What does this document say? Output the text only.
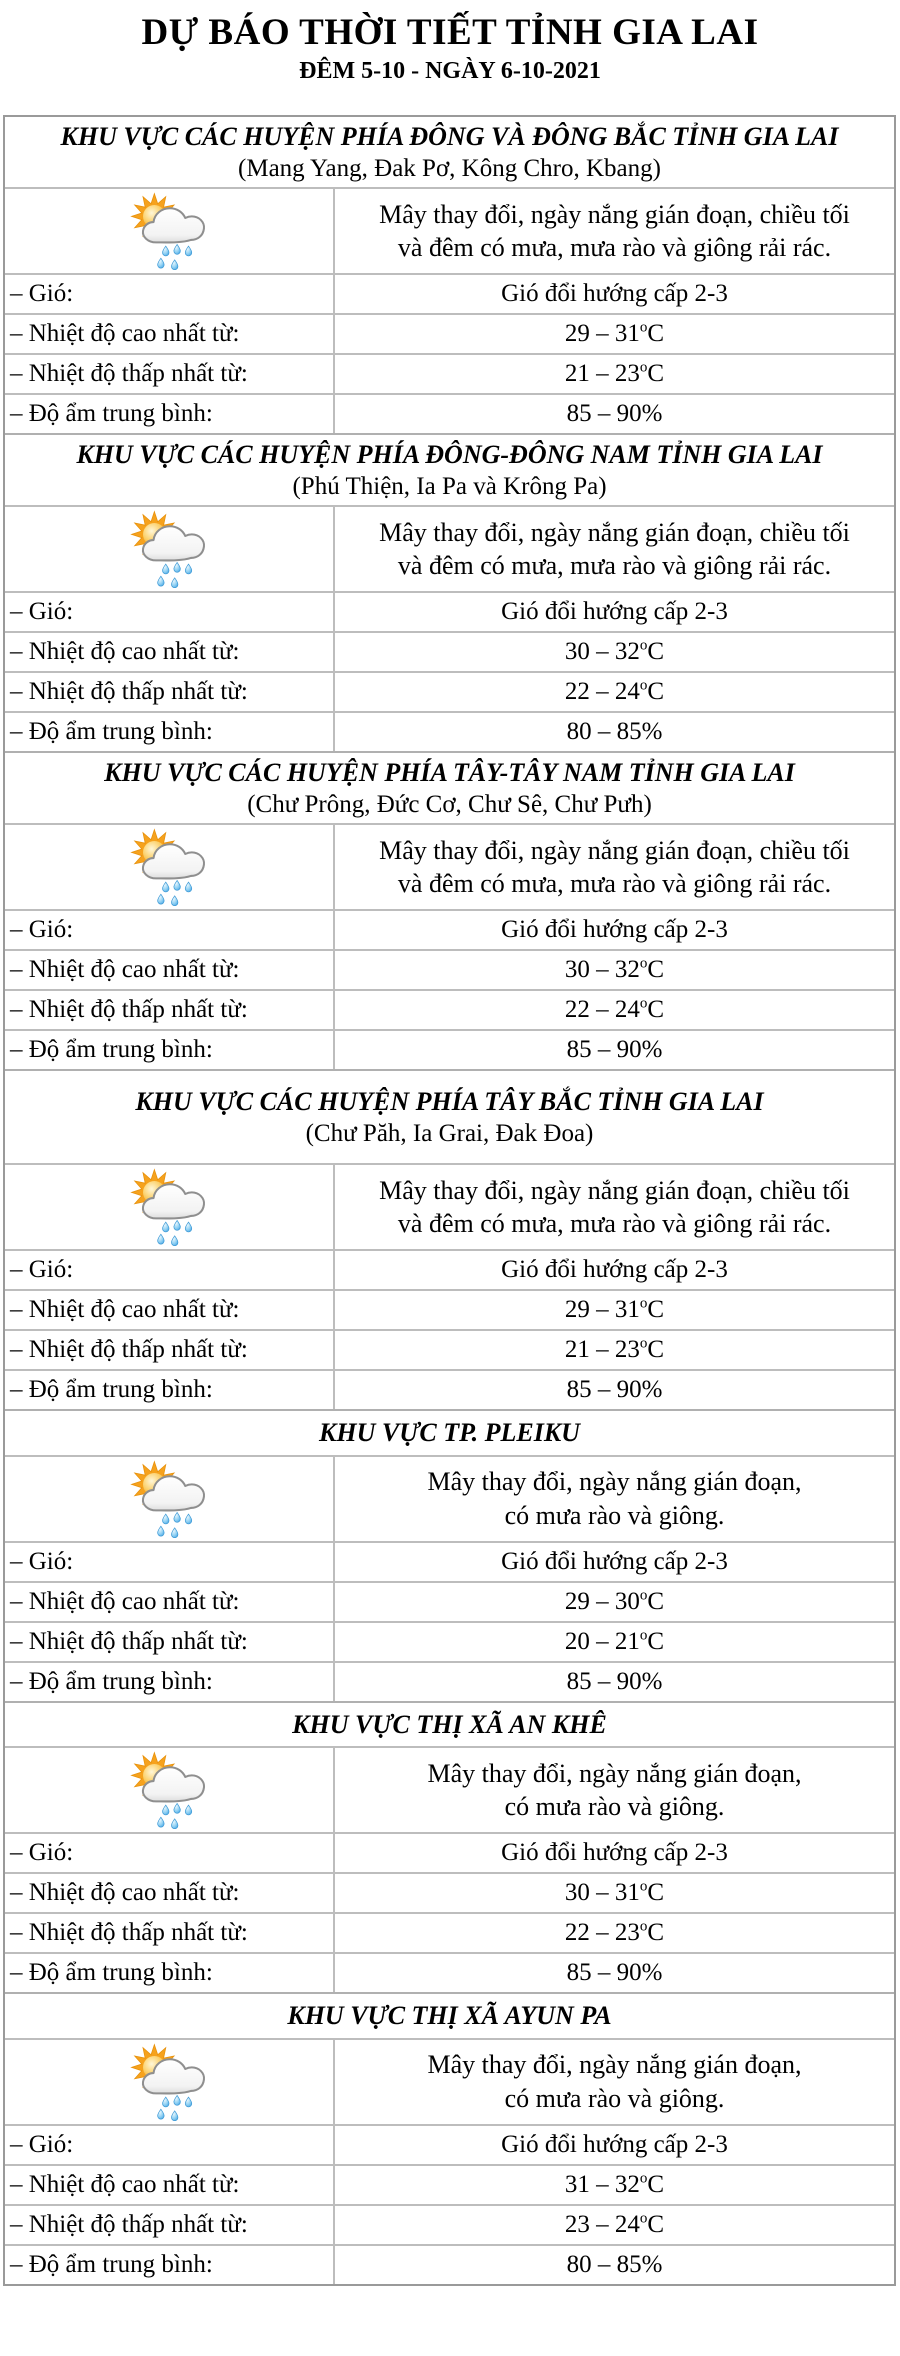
DỰ BÁO THỜI TIẾT TỈNH GIA LAI
ĐÊM 5-10 - NGÀY 6-10-2021
KHU VỰC CÁC HUYỆN PHÍA ĐÔNG VÀ ĐÔNG BẮC TỈNH GIA LAI
(Mang Yang, Đak Pơ, Kông Chro, Kbang)
Mây thay đổi, ngày nắng gián đoạn, chiều tối
và đêm có mưa, mưa rào và giông rải rác.
– Gió:	Gió đổi hướng cấp 2-3
– Nhiệt độ cao nhất từ:	29 – 31$^o$C
– Nhiệt độ thấp nhất từ:	21 – 23$^o$C
– Độ ẩm trung bình:	85 – 90%
KHU VỰC CÁC HUYỆN PHÍA ĐÔNG-ĐÔNG NAM TỈNH GIA LAI
(Phú Thiện, Ia Pa và Krông Pa)
Mây thay đổi, ngày nắng gián đoạn, chiều tối
và đêm có mưa, mưa rào và giông rải rác.
– Gió:	Gió đổi hướng cấp 2-3
– Nhiệt độ cao nhất từ:	30 – 32$^o$C
– Nhiệt độ thấp nhất từ:	22 – 24$^o$C
– Độ ẩm trung bình:	80 – 85%
KHU VỰC CÁC HUYỆN PHÍA TÂY-TÂY NAM TỈNH GIA LAI
(Chư Prông, Đức Cơ, Chư Sê, Chư Pưh)
Mây thay đổi, ngày nắng gián đoạn, chiều tối
và đêm có mưa, mưa rào và giông rải rác.
– Gió:	Gió đổi hướng cấp 2-3
– Nhiệt độ cao nhất từ:	30 – 32$^o$C
– Nhiệt độ thấp nhất từ:	22 – 24$^o$C
– Độ ẩm trung bình:	85 – 90%
KHU VỰC CÁC HUYỆN PHÍA TÂY BẮC TỈNH GIA LAI
(Chư Păh, Ia Grai, Đak Đoa)
Mây thay đổi, ngày nắng gián đoạn, chiều tối
và đêm có mưa, mưa rào và giông rải rác.
– Gió:	Gió đổi hướng cấp 2-3
– Nhiệt độ cao nhất từ:	29 – 31$^o$C
– Nhiệt độ thấp nhất từ:	21 – 23$^o$C
– Độ ẩm trung bình:	85 – 90%
KHU VỰC TP. PLEIKU
Mây thay đổi, ngày nắng gián đoạn,
có mưa rào và giông.
– Gió:	Gió đổi hướng cấp 2-3
– Nhiệt độ cao nhất từ:	29 – 30$^o$C
– Nhiệt độ thấp nhất từ:	20 – 21$^o$C
– Độ ẩm trung bình:	85 – 90%
KHU VỰC THỊ XÃ AN KHÊ
Mây thay đổi, ngày nắng gián đoạn,
có mưa rào và giông.
– Gió:	Gió đổi hướng cấp 2-3
– Nhiệt độ cao nhất từ:	30 – 31$^o$C
– Nhiệt độ thấp nhất từ:	22 – 23$^o$C
– Độ ẩm trung bình:	85 – 90%
KHU VỰC THỊ XÃ AYUN PA
Mây thay đổi, ngày nắng gián đoạn,
có mưa rào và giông.
– Gió:	Gió đổi hướng cấp 2-3
– Nhiệt độ cao nhất từ:	31 – 32$^o$C
– Nhiệt độ thấp nhất từ:	23 – 24$^o$C
– Độ ẩm trung bình:	80 – 85%
